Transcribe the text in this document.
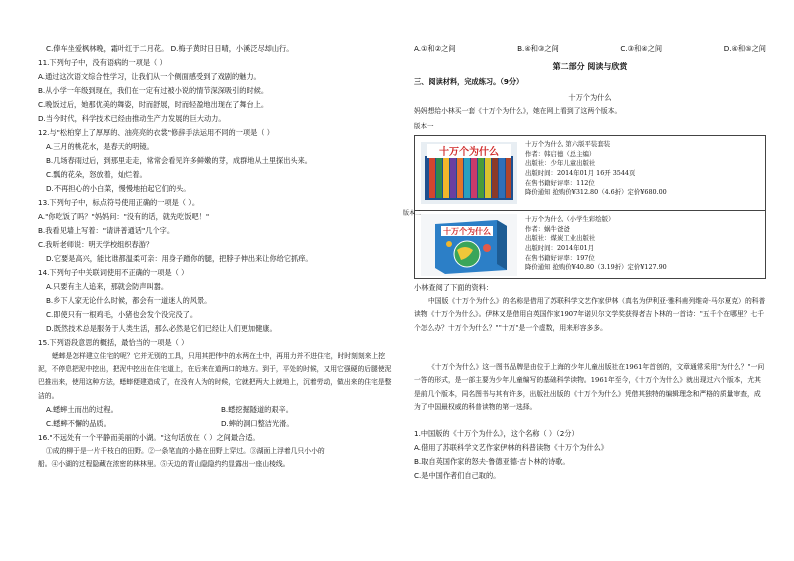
C.俸车坐爱枫林晚，霜叶红于二月花。 D.梅子黄时日日晴，小溪泛尽却山行。
11.下列句子中，没有语病的一项是（ ）
A.通过这次语文综合性学习，让我们从一个侧面感受到了戏剧的魅力。
B.从小学一年级到现在，我们在一定有过被小说的情节深深吸引的时候。
C.晚饭过后，她那优美的舞姿，时而舒展，时而轻盈地出现在了舞台上。
D.当今时代，科学技术已经由推动生产力发展的巨大动力。
12.与"松柏穿上了厚厚的、油亮亮的衣裳"修辞手法运用不同的一项是（ ）
A.三月的桃花水，是春天的明镜。
B.几场春雨过后，到那里走走，常常会看见许多鲜嫩的芽，成群地从土里探出头来。
C.瓢的花朵，怒放着，灿烂着。
D.不再担心的小白菜，慢慢地拍起它们的头。
13.下列句子中，标点符号使用正确的一项是（ ）。
A."你吃饭了吗？"妈妈问："没有的话，就先吃饭吧！"
B.我看见墙上写着："请讲普通话"几个字。
C.我听老师说：明天学校组织春游？
D.它要是高兴，能比谁都温柔可亲：用身子蹭你的腿，把脖子伸出来让你给它抓痒。
14.下列句子中关联词使用不正确的一项是（ ）
A.只要有主人追来，那就会防声叫嚣。
B.乡下人家无论什么时候，都会有一道迷人的风景。
C.即使只有一根鸡毛，小猪也会发个没完没了。
D.既然技术总是服务于人类生活，那么必然是它们已经让人们更加健康。
15.下列语段意思的概括，最恰当的一项是（ ）
蟋蟀是怎样建立住宅的呢？它并无别的工具，只用其把伟中的水两在土中，再用力并不进住宅，时时刻刻来上挖泥，不停息把泥中挖出，把泥中挖出在住宅道上，在后来在道两口的地方。到于，平处的时候，又用它强硬的后腿使泥巴推出来，使用这种方法，蟋蟀便建造成了，在没有人为的时候，它就把两大上就地上，沉着劳动，做出来的住宅是整洁的。
A.蟋蟀土而出的过程。	B.蟋挖掘隧道的艰辛。
C.蟋蟀不懈的品质。	D.蟀的洞口整洁光滑。
16."不远处有一个平静而美丽的小湖。"这句话放在（ ）之间最合适。
①成的柳于是一片千枝白的田野。②一条笔直的小路在田野上穿过。③湖面上浮着几只小小的
船。④小湖的过程隐藏在浓密的林林里。⑤天边的青山隐隐约约显露出一座山棱线。
A.①和②之间	B.④和③之间	C.③和④之间	D.④和⑤之间
第二部分 阅读与欣赏
三、阅读材料，完成练习。（9分）
十万个为什么
妈妈想给小林买一套《十万个为什么》，她在网上看到了这两个版本。
版本一
十万个为什么
十万个为什么 第六版平装套装
作者：韩启德（总主编）
出版社：少年儿童出版社
出版时间：2014年01月 16开 3544页
在售书籍好评率：112位
降价通知 抢购价¥312.80（4.6折）定价¥680.00
版本二
十万个为什么
十万个为什么（小学生彩绘版）
作者：蜗牛爸爸
出版社：煤炭工业出版社
出版时间：2014年01月
在售书籍好评率：197位
降价通知 抢购价¥40.80（3.19折）定价¥127.90
小林查阅了下面的资料：
中国版《十万个为什么》的名称是借用了苏联科学文艺作家伊林（真名为伊利亚·雅科甫列维奇·马尔夏克）的科普读物《十万个为什么》。伊林又是借用自英国作家1907年诺贝尔文学奖获得者吉卜林的一首诗："五千个在哪里？七千个怎么办？十万个为什么？""十万"是一个虚数，用来形容多多。
《十万个为什么》这一图书品牌是由位于上海的少年儿童出版社在1961年首创的，文章通常采用"为什么？"一问一答的形式，是一部主要为少年儿童编写的基础科学读物。1961年至今，《十万个为什么》就出现过六个版本，尤其是前几个版本，同名图书与其有许多，出版社出版的《十万个为什么》凭借其独特的编辑理念和严格的质量审查，成为了中国最权威的科普读物的第一选择。
1.中国版的《十万个为什么》，这个名称（ ）（2分）
A.借用了苏联科学文艺作家伊林的科普读物《十万个为什么》
B.取自英国作家的怒夫·鲁德亚德·吉卜林的诗歌。
C.是中国作者们自己取的。
